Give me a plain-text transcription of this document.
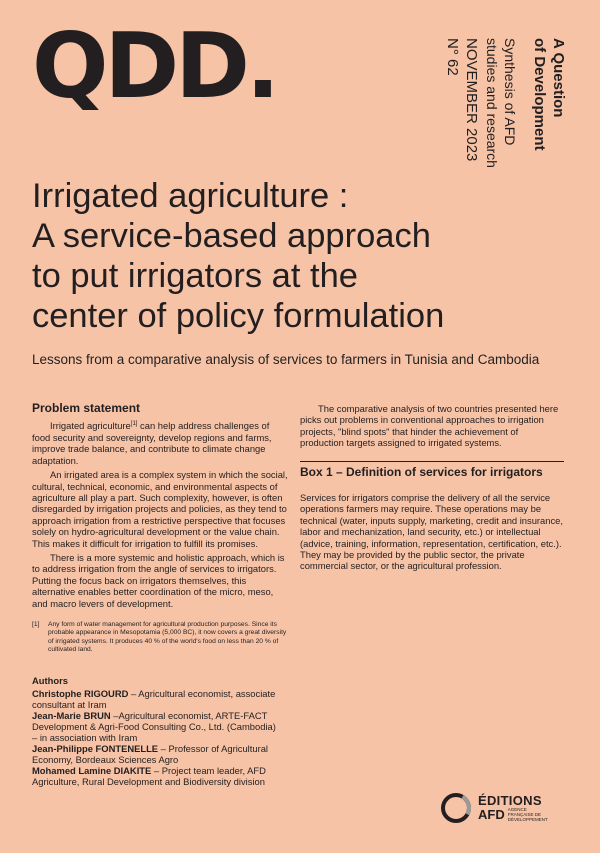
QDD.	A Question
of Development
Synthesis of AFD
studies and research
NOVEMBER 2023
N° 62
Irrigated agriculture :
A service-based approach
to put irrigators at the
center of policy formulation
Lessons from a comparative analysis of services to farmers in Tunisia and Cambodia
Problem statement

Irrigated agriculture[1] can help address challenges of food security and sovereignty, develop regions and farms, improve trade balance, and contribute to climate change adaptation.

An irrigated area is a complex system in which the social, cultural, technical, economic, and environmental aspects of agriculture all play a part. Such complexity, however, is often disregarded by irrigation projects and policies, as they tend to approach irrigation from a restrictive perspective that focuses solely on hydro-agricultural development or the value chain. This makes it difficult for irrigation to fulfill its promises.

There is a more systemic and holistic approach, which is to address irrigation from the angle of services to irrigators. Putting the focus back on irrigators themselves, this alternative enables better coordination of the micro, meso, and macro levers of development.

[1]	Any form of water management for agricultural production purposes. Since its probable appearance in Mesopotamia (5,000 BC), it now covers a great diversity of irrigated systems. It produces 40 % of the world's food on less than 20 % of cultivated land.
Authors
Christophe RIGOURD – Agricultural economist, associate consultant at Iram
Jean-Marie BRUN –Agricultural economist, ARTE-FACT Development & Agri-Food Consulting Co., Ltd. (Cambodia) – in association with Iram
Jean-Philippe FONTENELLE – Professor of Agricultural Economy, Bordeaux Sciences Agro
Mohamed Lamine DIAKITE – Project team leader, AFD Agriculture, Rural Development and Biodiversity division

The comparative analysis of two countries presented here picks out problems in conventional approaches to irrigation projects, "blind spots" that hinder the achievement of production targets assigned to irrigated systems.

Box 1 – Definition of services for irrigators

Services for irrigators comprise the delivery of all the service operations farmers may require. These operations may be technical (water, inputs supply, marketing, credit and insurance, labor and mechanization, land security, etc.) or intellectual (advice, training, information, representation, certification, etc.). They may be provided by the public sector, the private commercial sector, or the agricultural profession.

ÉDITIONS
AFD AGENCE FRANÇAISE DE DÉVELOPPEMENT
